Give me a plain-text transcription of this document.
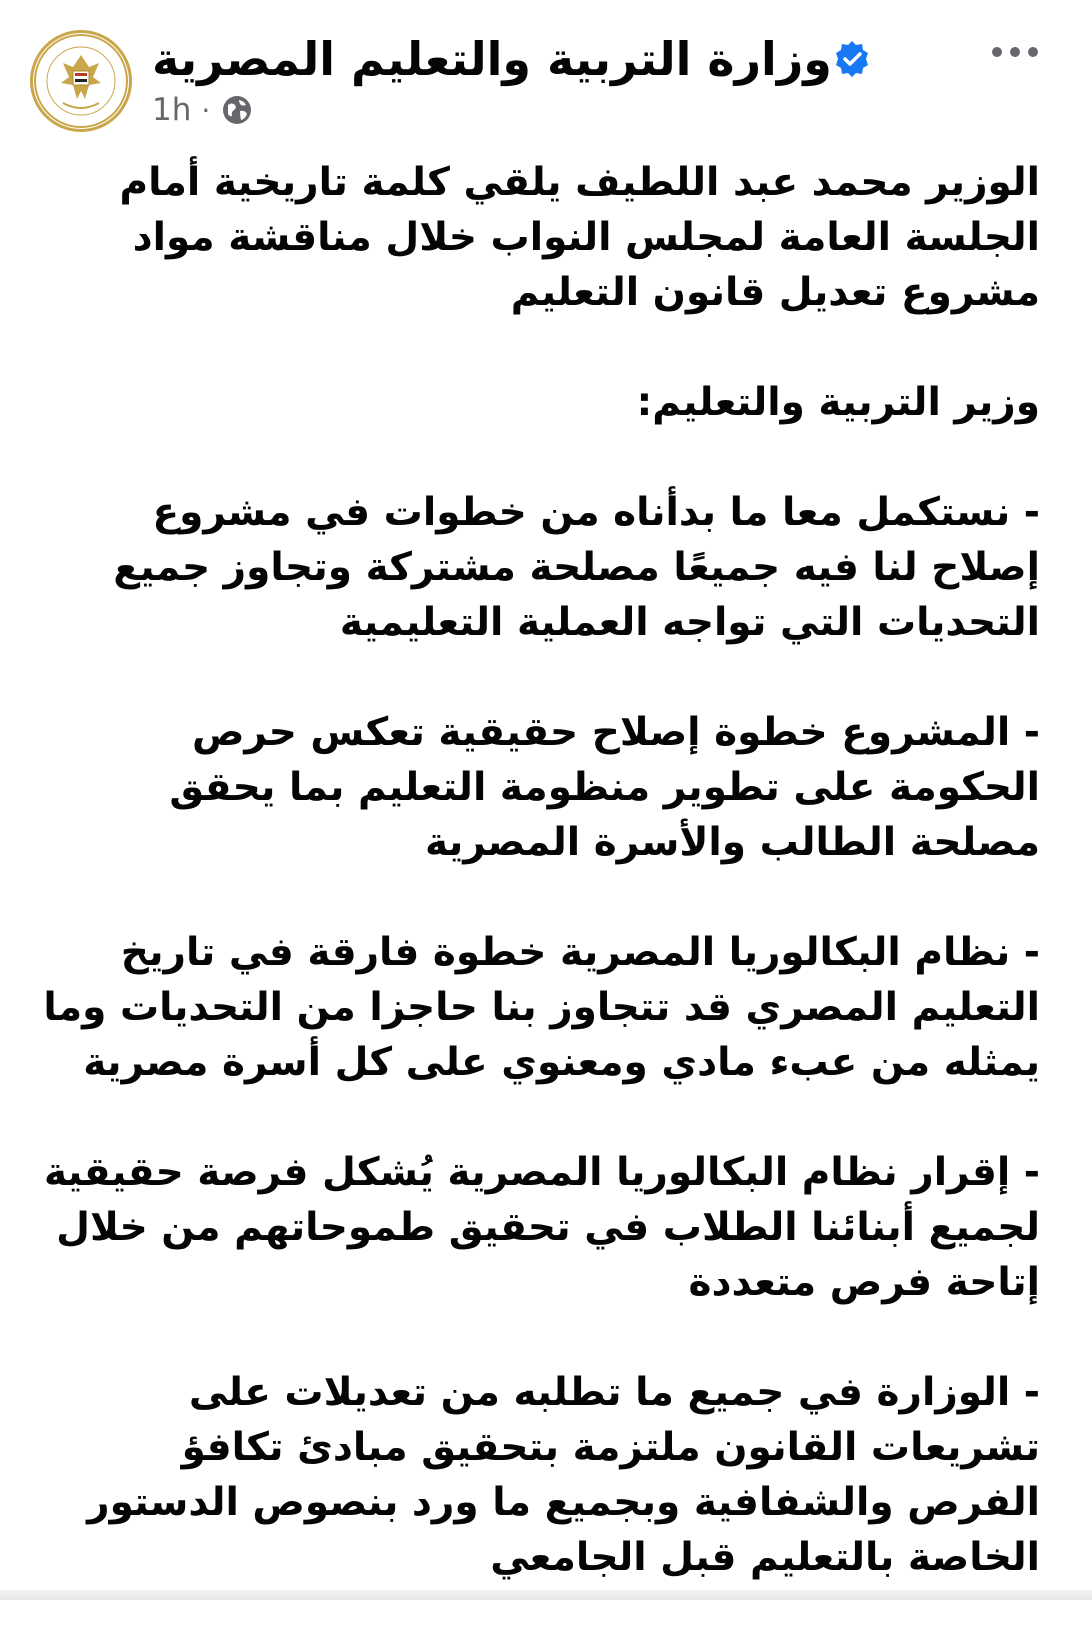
وزارة التربية والتعليم المصرية
1h ·

الوزير محمد عبد اللطيف يلقي كلمة تاريخية أمام الجلسة العامة لمجلس النواب خلال مناقشة مواد مشروع تعديل قانون التعليم

وزير التربية والتعليم:

- نستكمل معا ما بدأناه من خطوات في مشروع إصلاح لنا فيه جميعًا مصلحة مشتركة وتجاوز جميع التحديات التي تواجه العملية التعليمية

- المشروع خطوة إصلاح حقيقية تعكس حرص الحكومة على تطوير منظومة التعليم بما يحقق مصلحة الطالب والأسرة المصرية

- نظام البكالوريا المصرية خطوة فارقة في تاريخ التعليم المصري قد تتجاوز بنا حاجزا من التحديات وما يمثله من عبء مادي ومعنوي على كل أسرة مصرية

- إقرار نظام البكالوريا المصرية يُشكل فرصة حقيقية لجميع أبنائنا الطلاب في تحقيق طموحاتهم من خلال إتاحة فرص متعددة

- الوزارة في جميع ما تطلبه من تعديلات على تشريعات القانون ملتزمة بتحقيق مبادئ تكافؤ الفرص والشفافية وبجميع ما ورد بنصوص الدستور الخاصة بالتعليم قبل الجامعي
